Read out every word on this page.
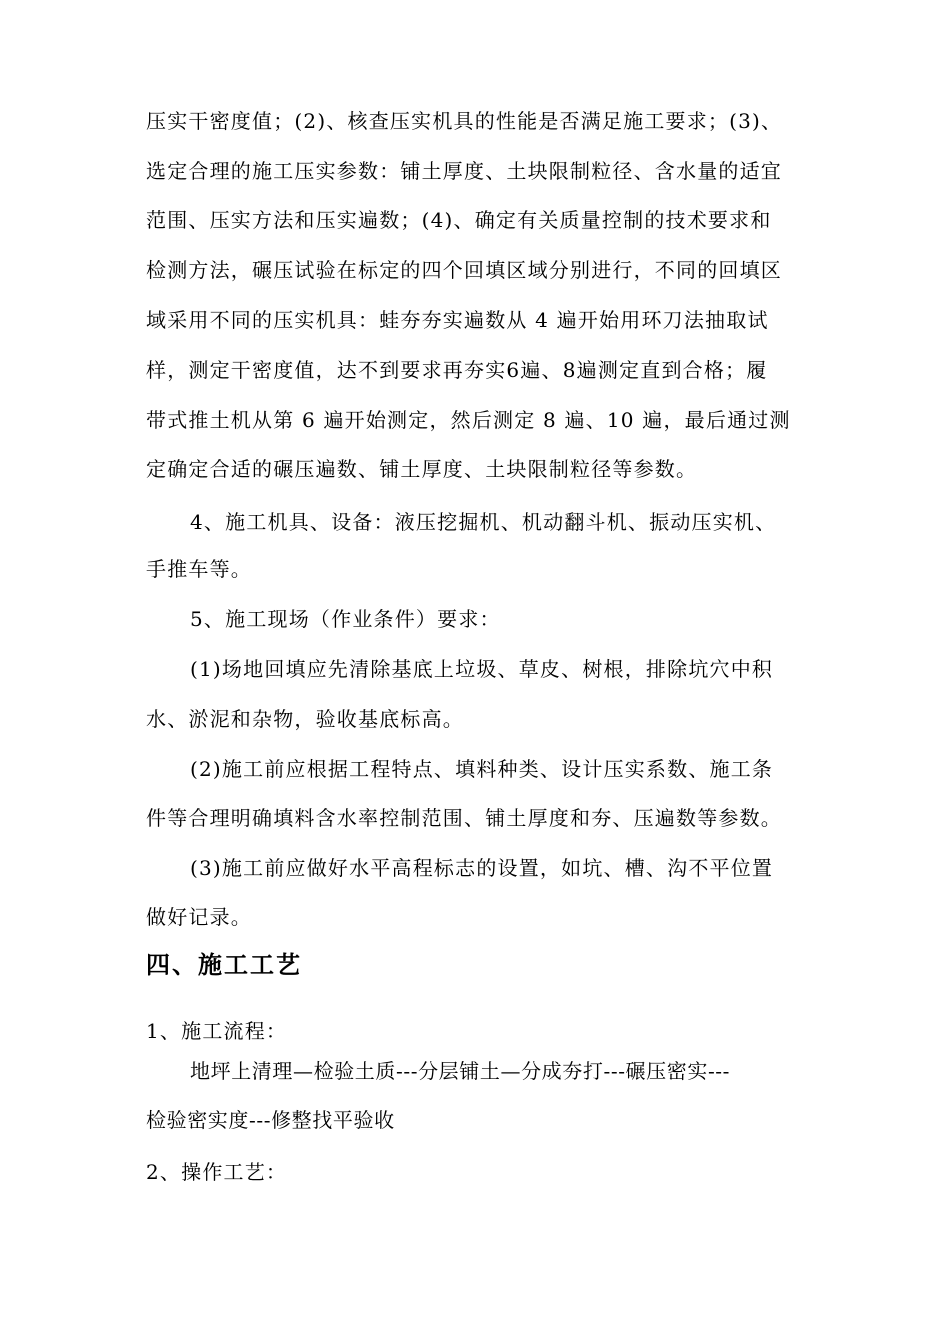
压实干密度值；(2)、核查压实机具的性能是否满足施工要求；(3)、
选定合理的施工压实参数：铺土厚度、土块限制粒径、含水量的适宜
范围、压实方法和压实遍数；(4)、确定有关质量控制的技术要求和
检测方法，碾压试验在标定的四个回填区域分别进行，不同的回填区
域采用不同的压实机具：蛙夯夯实遍数从 4 遍开始用环刀法抽取试
样，测定干密度值，达不到要求再夯实6遍、8遍测定直到合格；履
带式推土机从第 6 遍开始测定，然后测定 8 遍、10 遍，最后通过测
定确定合适的碾压遍数、铺土厚度、土块限制粒径等参数。
4、施工机具、设备：液压挖掘机、机动翻斗机、振动压实机、
手推车等。
5、施工现场（作业条件）要求：
(1)场地回填应先清除基底上垃圾、草皮、树根，排除坑穴中积
水、淤泥和杂物，验收基底标高。
(2)施工前应根据工程特点、填料种类、设计压实系数、施工条
件等合理明确填料含水率控制范围、铺土厚度和夯、压遍数等参数。
(3)施工前应做好水平高程标志的设置，如坑、槽、沟不平位置
做好记录。
四、施工工艺
1、施工流程：
地坪上清理—检验土质---分层铺土—分成夯打---碾压密实---
检验密实度---修整找平验收
2、操作工艺：
